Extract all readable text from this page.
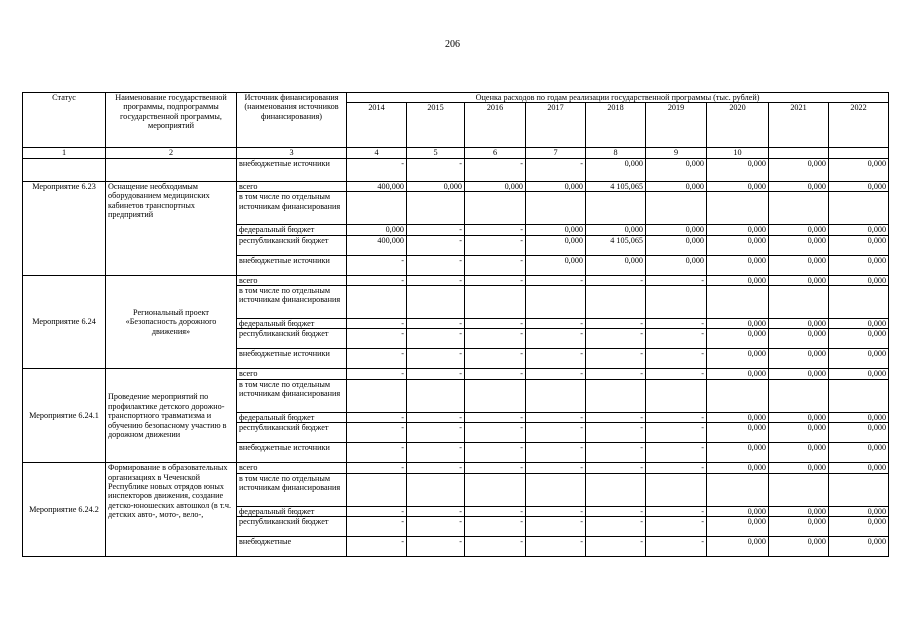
206
Статус	Наименование государственной программы, подпрограммы государственной программы, мероприятий	Источник финансирования (наименования источников финансирования)	Оценка расходов по годам реализации государственной программы (тыс. рублей)								
			2014	2015	2016	2017	2018	2019	2020	2021	2022
1	2	3	4	5	6	7	8	9	10		
		внебюджетные источники	-	-	-	-	0,000	0,000	0,000	0,000	0,000
Мероприятие 6.23	Оснащение необходимым оборудованием медицинских кабинетов транспортных предприятий	всего	400,000	0,000	0,000	0,000	4 105,065	0,000	0,000	0,000	0,000
		в том числе по отдельным источникам финансирования									
		федеральный бюджет	0,000	-	-	0,000	0,000	0,000	0,000	0,000	0,000
		республиканский бюджет	400,000	-	-	0,000	4 105,065	0,000	0,000	0,000	0,000
		внебюджетные источники	-	-	-	0,000	0,000	0,000	0,000	0,000	0,000
Мероприятие 6.24	Региональный проект «Безопасность дорожного движения»	всего	-	-	-	-	-	-	0,000	0,000	0,000
		в том числе по отдельным источникам финансирования									
		федеральный бюджет	-	-	-	-	-	-	0,000	0,000	0,000
		республиканский бюджет	-	-	-	-	-	-	0,000	0,000	0,000
		внебюджетные источники	-	-	-	-	-	-	0,000	0,000	0,000
Мероприятие 6.24.1	Проведение мероприятий по профилактике детского дорожно-транспортного травматизма и обучению безопасному участию в дорожном движении	всего	-	-	-	-	-	-	0,000	0,000	0,000
		в том числе по отдельным источникам финансирования									
		федеральный бюджет	-	-	-	-	-	-	0,000	0,000	0,000
		республиканский бюджет	-	-	-	-	-	-	0,000	0,000	0,000
		внебюджетные источники	-	-	-	-	-	-	0,000	0,000	0,000
Мероприятие 6.24.2	Формирование в образовательных организациях в Чеченской Республике новых отрядов юных инспекторов движения, создание детско-юношеских автошкол (в т.ч. детских авто-, мото-, вело-,	всего	-	-	-	-	-	-	0,000	0,000	0,000
		в том числе по отдельным источникам финансирования									
		федеральный бюджет	-	-	-	-	-	-	0,000	0,000	0,000
		республиканский бюджет	-	-	-	-	-	-	0,000	0,000	0,000
		внебюджетные	-	-	-	-	-	-	0,000	0,000	0,000
